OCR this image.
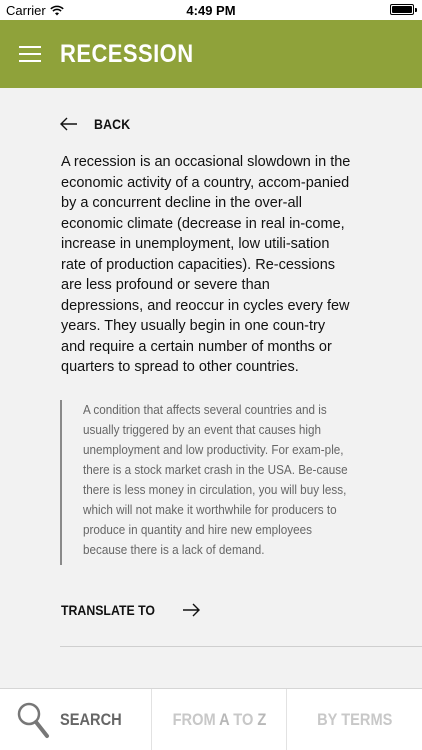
Carrier	4:49 PM
RECESSION
BACK

A recession is an occasional slowdown in the economic activity of a country, accom-panied by a concurrent decline in the over-all economic climate (decrease in real in-come, increase in unemployment, low utili-sation rate of production capacities). Re-cessions are less profound or severe than depressions, and reoccur in cycles every few years. They usually begin in one coun-try and require a certain number of months or quarters to spread to other countries.

A condition that affects several countries and is usually triggered by an event that causes high unemployment and low productivity. For exam-ple, there is a stock market crash in the USA. Be-cause there is less money in circulation, you will buy less, which will not make it worthwhile for producers to produce in quantity and hire new employees because there is a lack of demand.

TRANSLATE TO
SEARCH	FROM A TO Z	BY TERMS
